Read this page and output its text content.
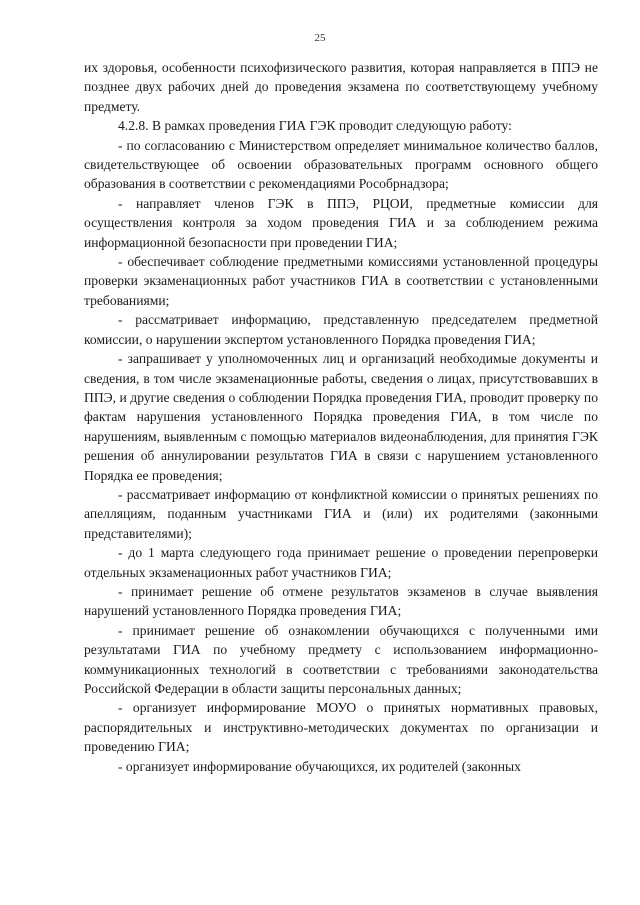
25

их здоровья, особенности психофизического развития, которая направляется в ППЭ не позднее двух рабочих дней до проведения экзамена по соответствующему учебному предмету.

4.2.8. В рамках проведения ГИА ГЭК проводит следующую работу:

- по согласованию с Министерством определяет минимальное количество баллов, свидетельствующее об освоении образовательных программ основного общего образования в соответствии с рекомендациями Рособрнадзора;

- направляет членов ГЭК в ППЭ, РЦОИ, предметные комиссии для осуществления контроля за ходом проведения ГИА и за соблюдением режима информационной безопасности при проведении ГИА;

- обеспечивает соблюдение предметными комиссиями установленной процедуры проверки экзаменационных работ участников ГИА в соответствии с установленными требованиями;

- рассматривает информацию, представленную председателем предметной комиссии, о нарушении экспертом установленного Порядка проведения ГИА;

- запрашивает у уполномоченных лиц и организаций необходимые документы и сведения, в том числе экзаменационные работы, сведения о лицах, присутствовавших в ППЭ, и другие сведения о соблюдении Порядка проведения ГИА, проводит проверку по фактам нарушения установленного Порядка проведения ГИА, в том числе по нарушениям, выявленным с помощью материалов видеонаблюдения, для принятия ГЭК решения об аннулировании результатов ГИА в связи с нарушением установленного Порядка ее проведения;

- рассматривает информацию от конфликтной комиссии о принятых решениях по апелляциям, поданным участниками ГИА и (или) их родителями (законными представителями);

- до 1 марта следующего года принимает решение о проведении перепроверки отдельных экзаменационных работ участников ГИА;

- принимает решение об отмене результатов экзаменов в случае выявления нарушений установленного Порядка проведения ГИА;

- принимает решение об ознакомлении обучающихся с полученными ими результатами ГИА по учебному предмету с использованием информационно-коммуникационных технологий в соответствии с требованиями законодательства Российской Федерации в области защиты персональных данных;

- организует информирование МОУО о принятых нормативных правовых, распорядительных и инструктивно-методических документах по организации и проведению ГИА;

- организует информирование обучающихся, их родителей (законных
